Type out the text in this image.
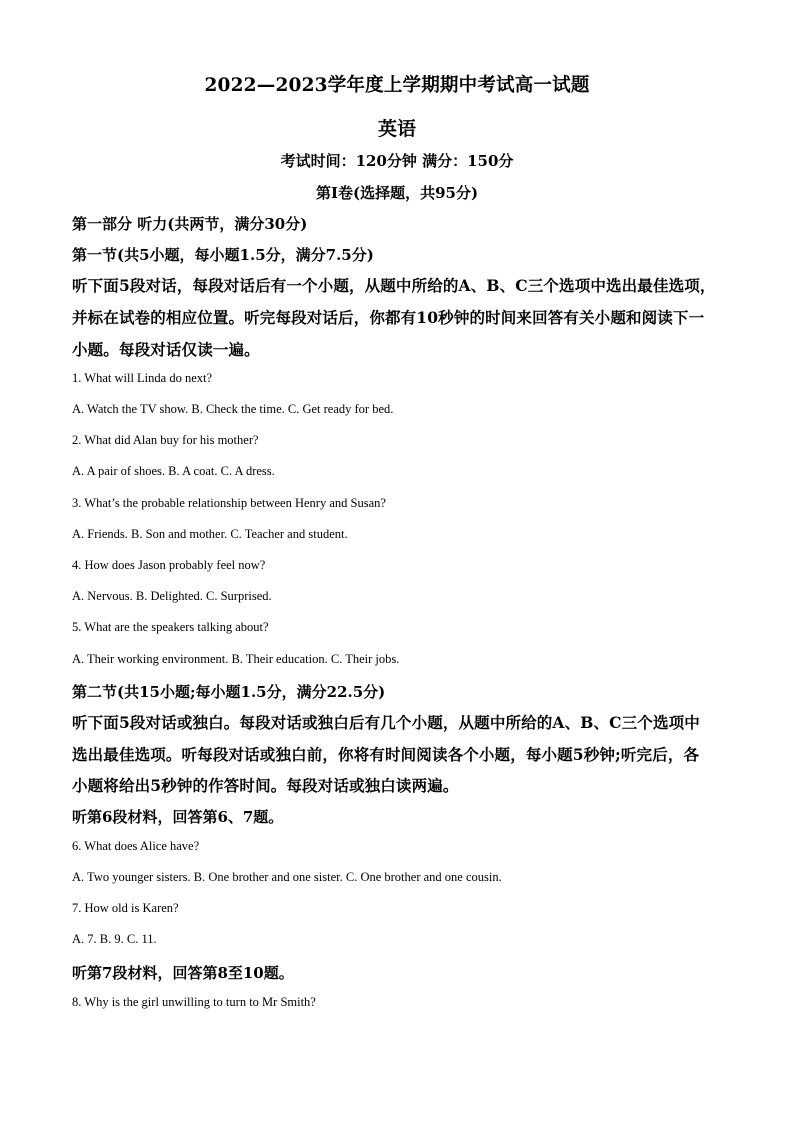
2022—2023学年度上学期期中考试高一试题
英语
考试时间：120分钟 满分：150分
第Ⅰ卷(选择题，共95分)
第一部分 听力(共两节，满分30分)
第一节(共5小题，每小题1.5分，满分7.5分)
听下面5段对话，每段对话后有一个小题，从题中所给的A、B、C三个选项中选出最佳选项，
并标在试卷的相应位置。听完每段对话后，你都有10秒钟的时间来回答有关小题和阅读下一
小题。每段对话仅读一遍。
1. What will Linda do next?
A. Watch the TV show. B. Check the time. C. Get ready for bed.
2. What did Alan buy for his mother?
A. A pair of shoes. B. A coat. C. A dress.
3. What’s the probable relationship between Henry and Susan?
A. Friends. B. Son and mother. C. Teacher and student.
4. How does Jason probably feel now?
A. Nervous. B. Delighted. C. Surprised.
5. What are the speakers talking about?
A. Their working environment. B. Their education. C. Their jobs.
第二节(共15小题;每小题1.5分，满分22.5分)
听下面5段对话或独白。每段对话或独白后有几个小题，从题中所给的A、B、C三个选项中
选出最佳选项。听每段对话或独白前，你将有时间阅读各个小题，每小题5秒钟;听完后，各
小题将给出5秒钟的作答时间。每段对话或独白读两遍。
听第6段材料，回答第6、7题。
6. What does Alice have?
A. Two younger sisters. B. One brother and one sister. C. One brother and one cousin.
7. How old is Karen?
A. 7. B. 9. C. 11.
听第7段材料，回答第8至10题。
8. Why is the girl unwilling to turn to Mr Smith?
